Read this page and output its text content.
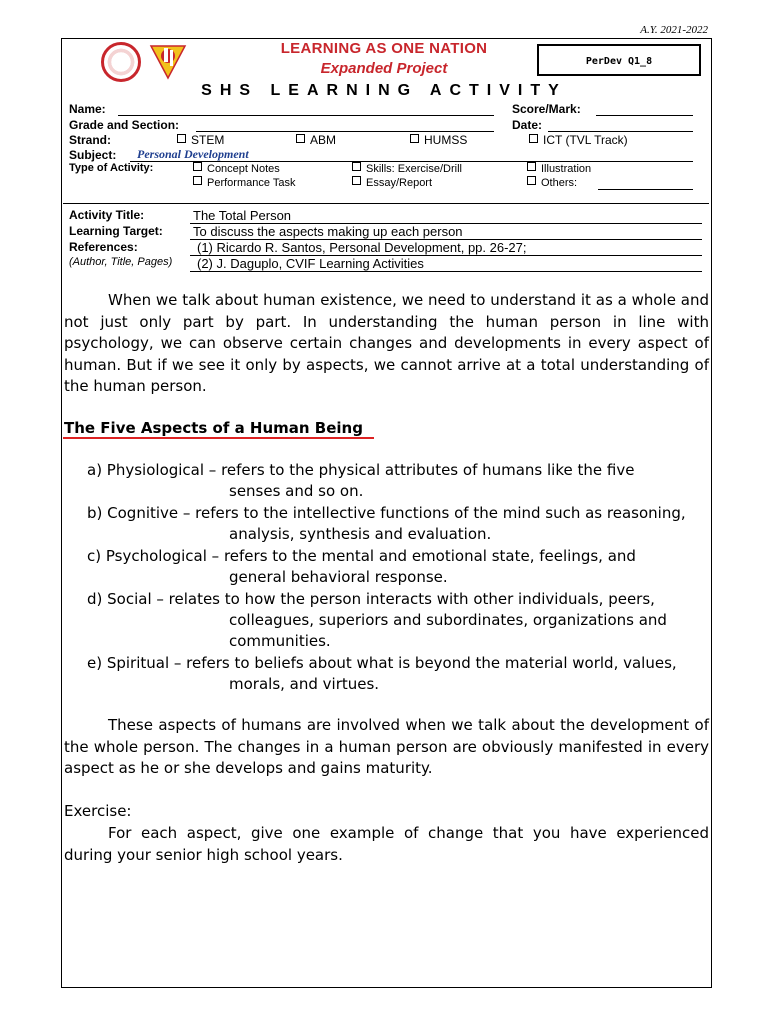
A.Y. 2021-2022
LEARNING AS ONE NATION
Expanded Project	PerDev Q1_8
SHS LEARNING ACTIVITY
Name:	Score/Mark:
Grade and Section:	Date:
Strand:	STEM	ABM	HUMSS	ICT (TVL Track)
Subject: Personal Development
Type of Activity:	Concept Notes	Skills: Exercise/Drill	Illustration
Performance Task	Essay/Report	Others:
Activity Title:	The Total Person
Learning Target: To discuss the aspects making up each person
References:	(1) Ricardo R. Santos, Personal Development, pp. 26-27;
(Author, Title, Pages) (2) J. Daguplo, CVIF Learning Activities
When we talk about human existence, we need to understand it as a whole and not just only part by part. In understanding the human person in line with psychology, we can observe certain changes and developments in every aspect of human. But if we see it only by aspects, we cannot arrive at a total understanding of the human person.
The Five Aspects of a Human Being
a) Physiological – refers to the physical attributes of humans like the five
senses and so on.
b) Cognitive – refers to the intellective functions of the mind such as reasoning,
analysis, synthesis and evaluation.
c) Psychological – refers to the mental and emotional state, feelings, and
general behavioral response.
d) Social – relates to how the person interacts with other individuals, peers,
colleagues, superiors and subordinates, organizations and
communities.
e) Spiritual – refers to beliefs about what is beyond the material world, values,
morals, and virtues.
These aspects of humans are involved when we talk about the development of the whole person. The changes in a human person are obviously manifested in every aspect as he or she develops and gains maturity.
Exercise:
For each aspect, give one example of change that you have experienced during your senior high school years.
